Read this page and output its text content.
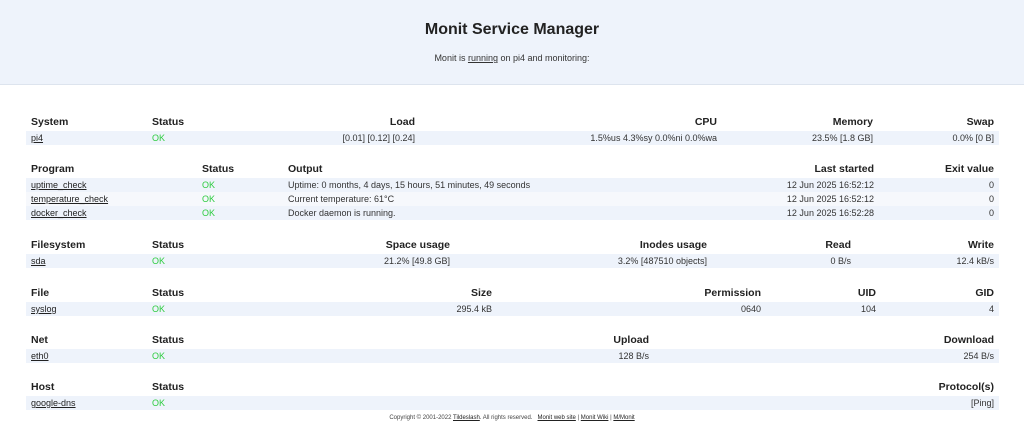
Monit Service Manager
Monit is running on pi4 and monitoring:
System	Status	Load	CPU	Memory	Swap
pi4	OK	[0.01] [0.12] [0.24]	1.5%us 4.3%sy 0.0%ni 0.0%wa	23.5% [1.8 GB]	0.0% [0 B]
Program	Status	Output	Last started	Exit value
uptime_check	OK	Uptime: 0 months, 4 days, 15 hours, 51 minutes, 49 seconds	12 Jun 2025 16:52:12	0
temperature_check	OK	Current temperature: 61°C	12 Jun 2025 16:52:12	0
docker_check	OK	Docker daemon is running.	12 Jun 2025 16:52:28	0
Filesystem	Status	Space usage	Inodes usage	Read	Write
sda	OK	21.2% [49.8 GB]	3.2% [487510 objects]	0 B/s	12.4 kB/s
File	Status	Size	Permission	UID	GID
syslog	OK	295.4 kB	0640	104	4
Net	Status	Upload	Download
eth0	OK	128 B/s	254 B/s
Host	Status	Protocol(s)
google-dns	OK	[Ping]
Copyright © 2001-2022 Tildeslash. All rights reserved. Monit web site | Monit Wiki | M/Monit
